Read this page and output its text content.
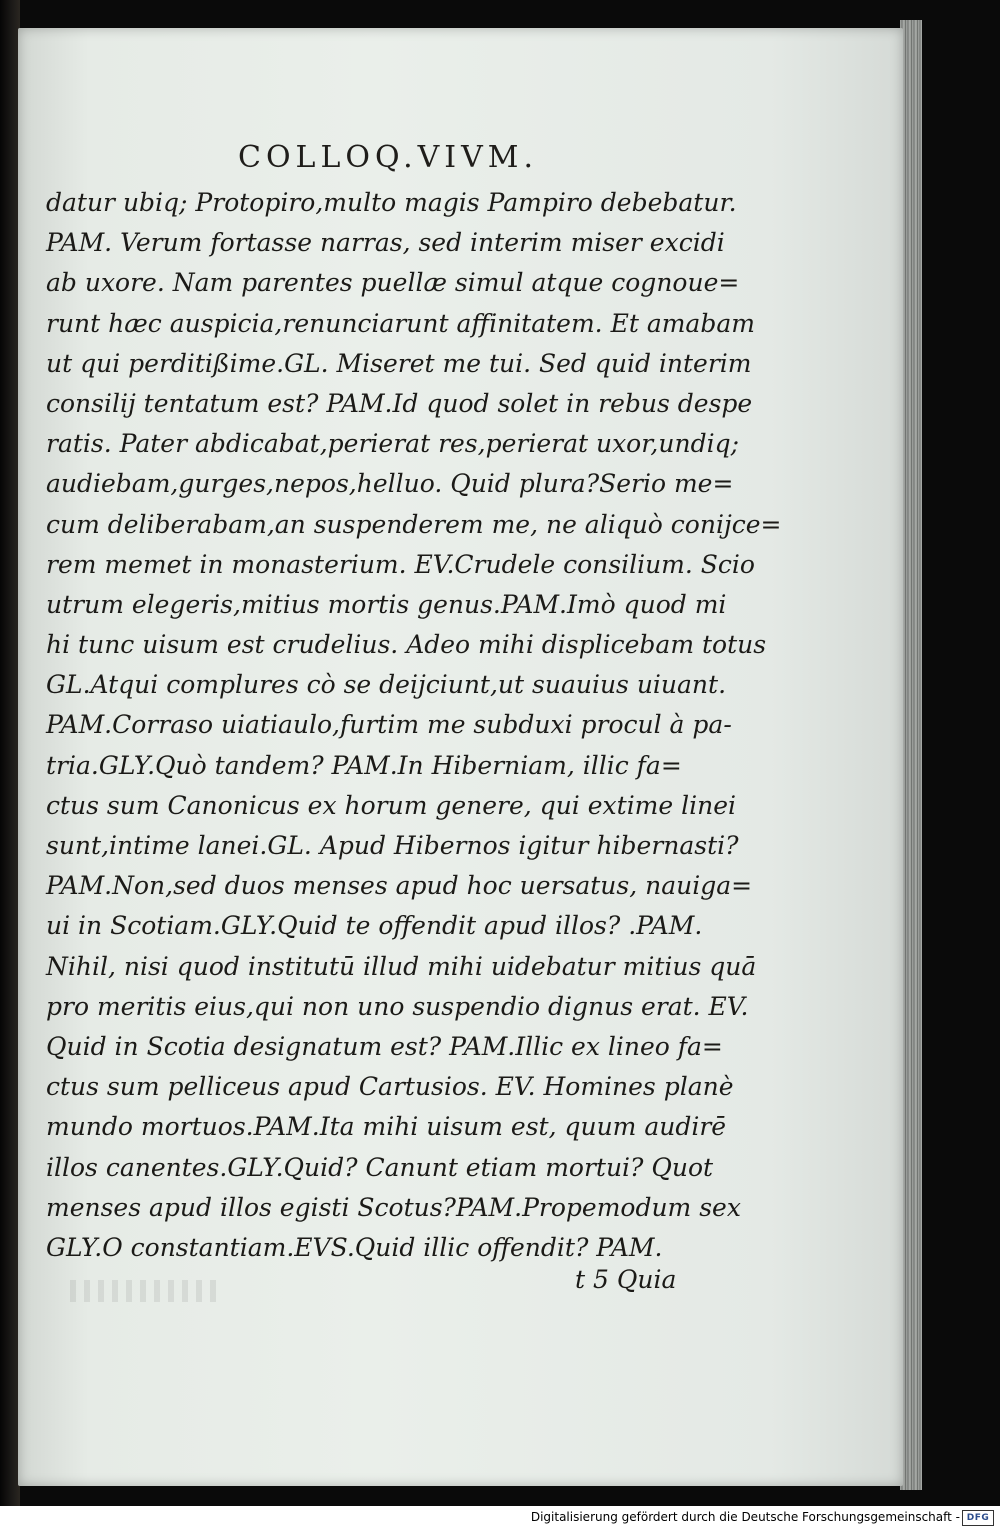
COLLOQ.VIVM.
datur ubiq; Protopiro,multo magis Pampiro debebatur.
PAM. Verum fortasse narras, sed interim miser excidi
ab uxore. Nam parentes puellæ simul atque cognoue=
runt hæc auspicia,renunciarunt affinitatem. Et amabam
ut qui perditißime.GL. Miseret me tui. Sed quid interim
consilij tentatum est? PAM.Id quod solet in rebus despe
ratis. Pater abdicabat,perierat res,perierat uxor,undiq;
audiebam,gurges,nepos,helluo. Quid plura?Serio me=
cum deliberabam,an suspenderem me, ne aliquò conijce=
rem memet in monasterium. EV.Crudele consilium. Scio
utrum elegeris,mitius mortis genus.PAM.Imò quod mi
hi tunc uisum est crudelius. Adeo mihi displicebam totus
GL.Atqui complures cò se deijciunt,ut suauius uiuant.
PAM.Corraso uiatiaulo,furtim me subduxi procul à pa-
tria.GLY.Quò tandem? PAM.In Hiberniam, illic fa=
ctus sum Canonicus ex horum genere, qui extime linei
sunt,intime lanei.GL. Apud Hibernos igitur hibernasti?
PAM.Non,sed duos menses apud hoc uersatus, nauiga=
ui in Scotiam.GLY.Quid te offendit apud illos? .PAM.
Nihil, nisi quod institutū illud mihi uidebatur mitius quā
pro meritis eius,qui non uno suspendio dignus erat. EV.
Quid in Scotia designatum est? PAM.Illic ex lineo fa=
ctus sum pelliceus apud Cartusios. EV. Homines planè
mundo mortuos.PAM.Ita mihi uisum est, quum audirē
illos canentes.GLY.Quid? Canunt etiam mortui? Quot
menses apud illos egisti Scotus?PAM.Propemodum sex
GLY.O constantiam.EVS.Quid illic offendit? PAM.
t 5 Quia
Digitalisierung gefördert durch die Deutsche Forschungsgemeinschaft - DFG
